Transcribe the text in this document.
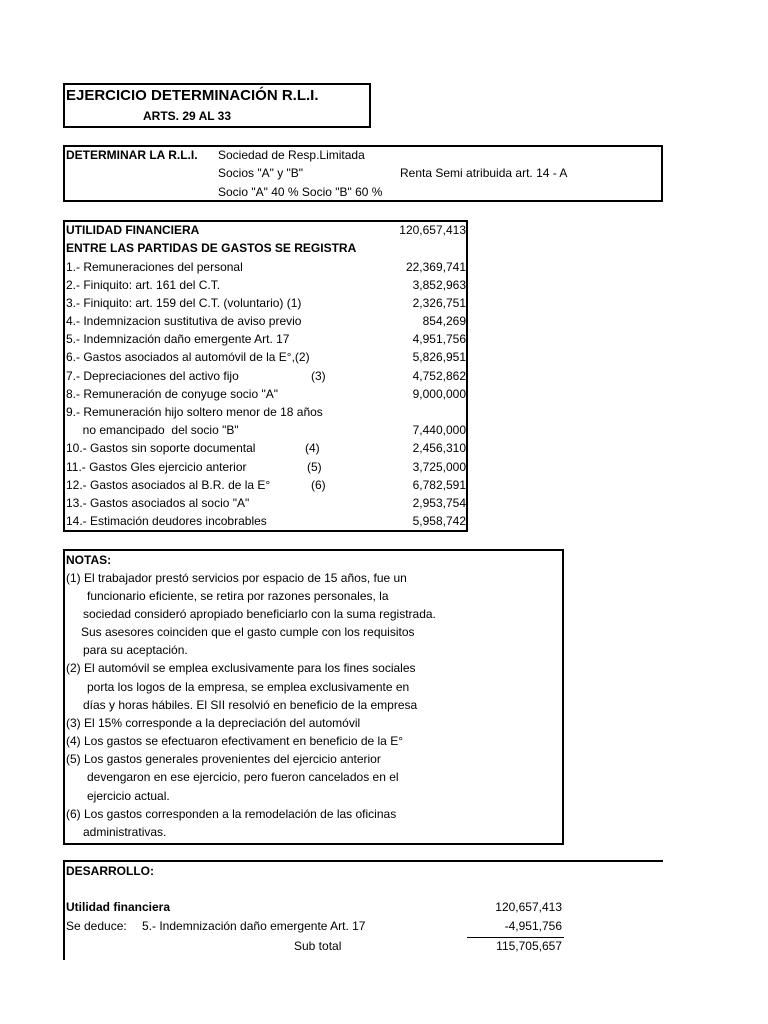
EJERCICIO DETERMINACIÓN R.L.I.
ARTS. 29 AL 33
DETERMINAR LA R.L.I. Sociedad de Resp.Limitada
Socios "A" y "B"	Renta Semi atribuida art. 14 - A
Socio "A" 40 % Socio "B" 60 %
UTILIDAD FINANCIERA	120,657,413
ENTRE LAS PARTIDAS DE GASTOS SE REGISTRA
1.- Remuneraciones del personal	22,369,741
2.- Finiquito: art. 161 del C.T.	3,852,963
3.- Finiquito: art. 159 del C.T. (voluntario) (1)	2,326,751
4.- Indemnizacion sustitutiva de aviso previo	854,269
5.- Indemnización daño emergente Art. 17	4,951,756
6.- Gastos asociados al automóvil de la E°,(2)	5,826,951
7.- Depreciaciones del activo fijo	(3)	4,752,862
8.- Remuneración de conyuge socio "A"	9,000,000
9.- Remuneración hijo soltero menor de 18 años
no emancipado  del socio "B"	7,440,000
10.- Gastos sin soporte documental	(4)	2,456,310
11.- Gastos Gles ejercicio anterior	(5)	3,725,000
12.- Gastos asociados al B.R. de la E°	(6)	6,782,591
13.- Gastos asociados al socio "A"	2,953,754
14.- Estimación deudores incobrables	5,958,742
NOTAS:
(1) El trabajador prestó servicios por espacio de 15 años, fue un
funcionario eficiente, se retira por razones personales, la
sociedad consideró apropiado beneficiarlo con la suma registrada.
Sus asesores coinciden que el gasto cumple con los requisitos
para su aceptación.
(2) El automóvil se emplea exclusivamente para los fines sociales
porta los logos de la empresa, se emplea exclusivamente en
días y horas hábiles. El SII resolvió en beneficio de la empresa
(3) El 15% corresponde a la depreciación del automóvil
(4) Los gastos se efectuaron efectivament en beneficio de la E°
(5) Los gastos generales provenientes del ejercicio anterior
devengaron en ese ejercicio, pero fueron cancelados en el
ejercicio actual.
(6) Los gastos corresponden a la remodelación de las oficinas
administrativas.
DESARROLLO:
Utilidad financiera	120,657,413
Se deduce: 5.- Indemnización daño emergente Art. 17	-4,951,756
Sub total	115,705,657
